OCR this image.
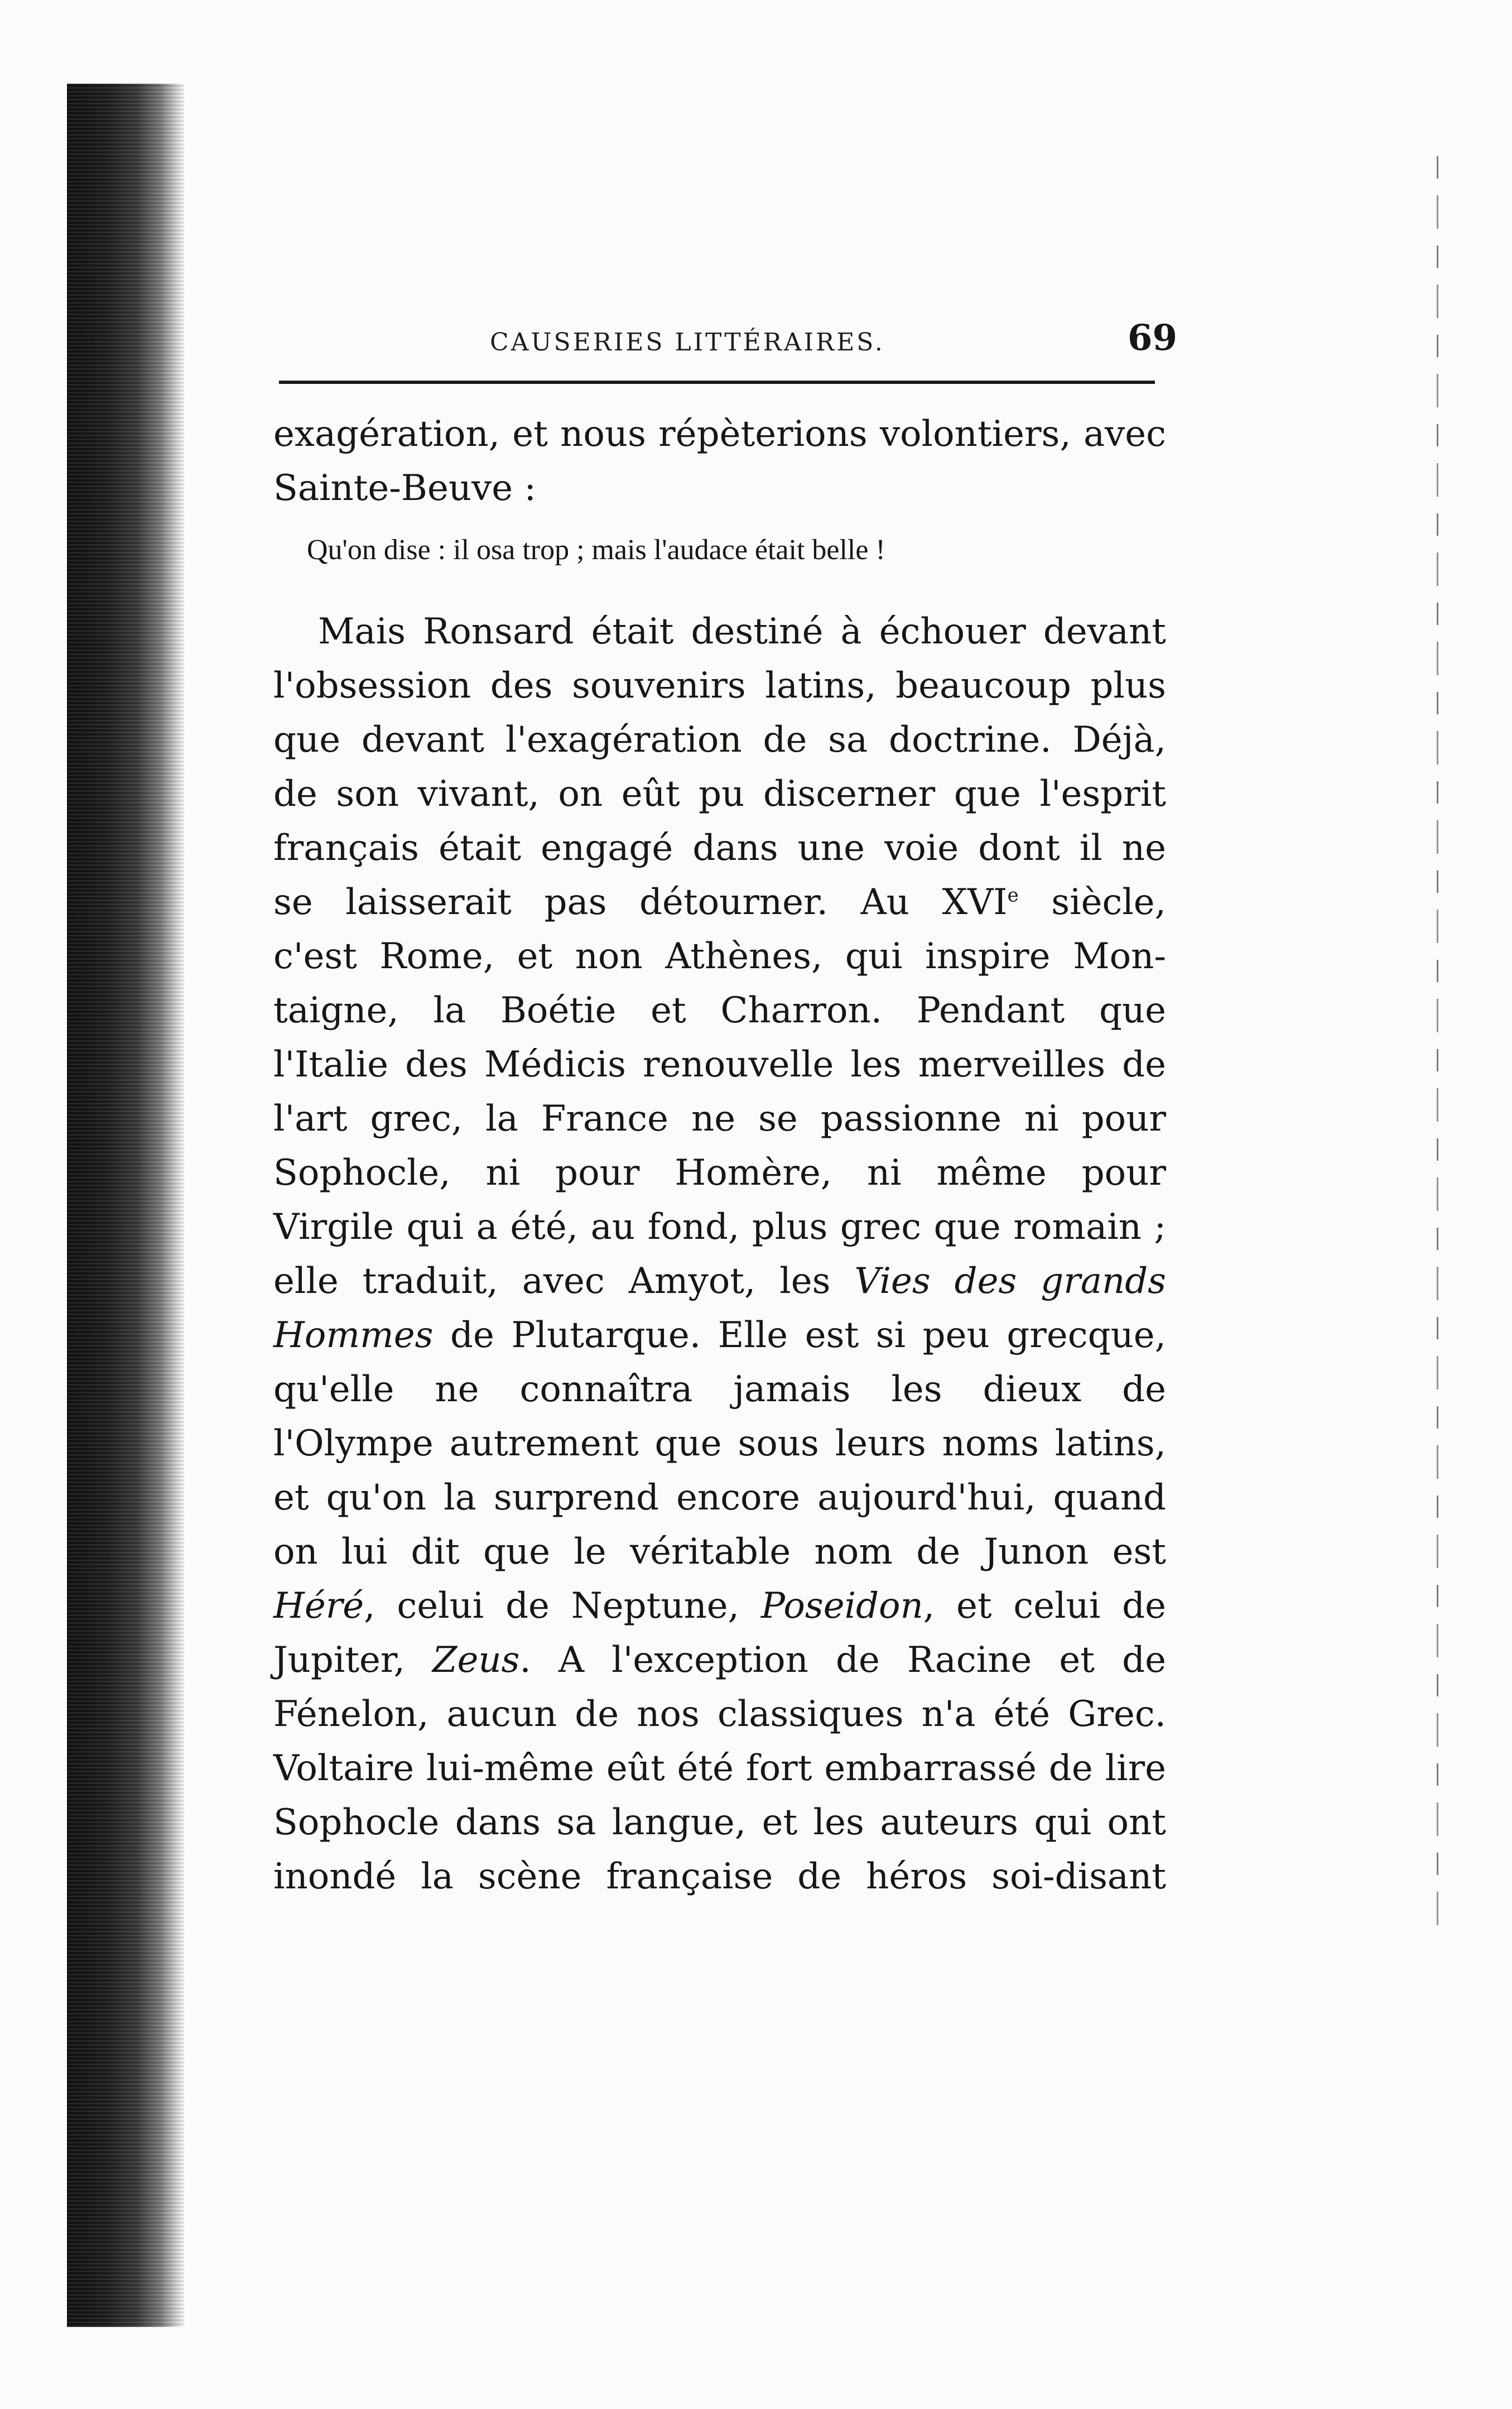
CAUSERIES LITTÉRAIRES.	69
exagération, et nous répèterions volontiers, avec
Sainte-Beuve :
Qu'on dise : il osa trop ; mais l'audace était belle !
Mais Ronsard était destiné à échouer devant
l'obsession des souvenirs latins, beaucoup plus
que devant l'exagération de sa doctrine. Déjà,
de son vivant, on eût pu discerner que l'esprit
français était engagé dans une voie dont il ne
se laisserait pas détourner. Au XVIe siècle,
c'est Rome, et non Athènes, qui inspire Mon-
taigne, la Boétie et Charron. Pendant que
l'Italie des Médicis renouvelle les merveilles de
l'art grec, la France ne se passionne ni pour
Sophocle, ni pour Homère, ni même pour
Virgile qui a été, au fond, plus grec que romain ;
elle traduit, avec Amyot, les Vies des grands
Hommes de Plutarque. Elle est si peu grecque,
qu'elle ne connaîtra jamais les dieux de
l'Olympe autrement que sous leurs noms latins,
et qu'on la surprend encore aujourd'hui, quand
on lui dit que le véritable nom de Junon est
Héré, celui de Neptune, Poseidon, et celui de
Jupiter, Zeus. A l'exception de Racine et de
Fénelon, aucun de nos classiques n'a été Grec.
Voltaire lui-même eût été fort embarrassé de lire
Sophocle dans sa langue, et les auteurs qui ont
inondé la scène française de héros soi-disant
